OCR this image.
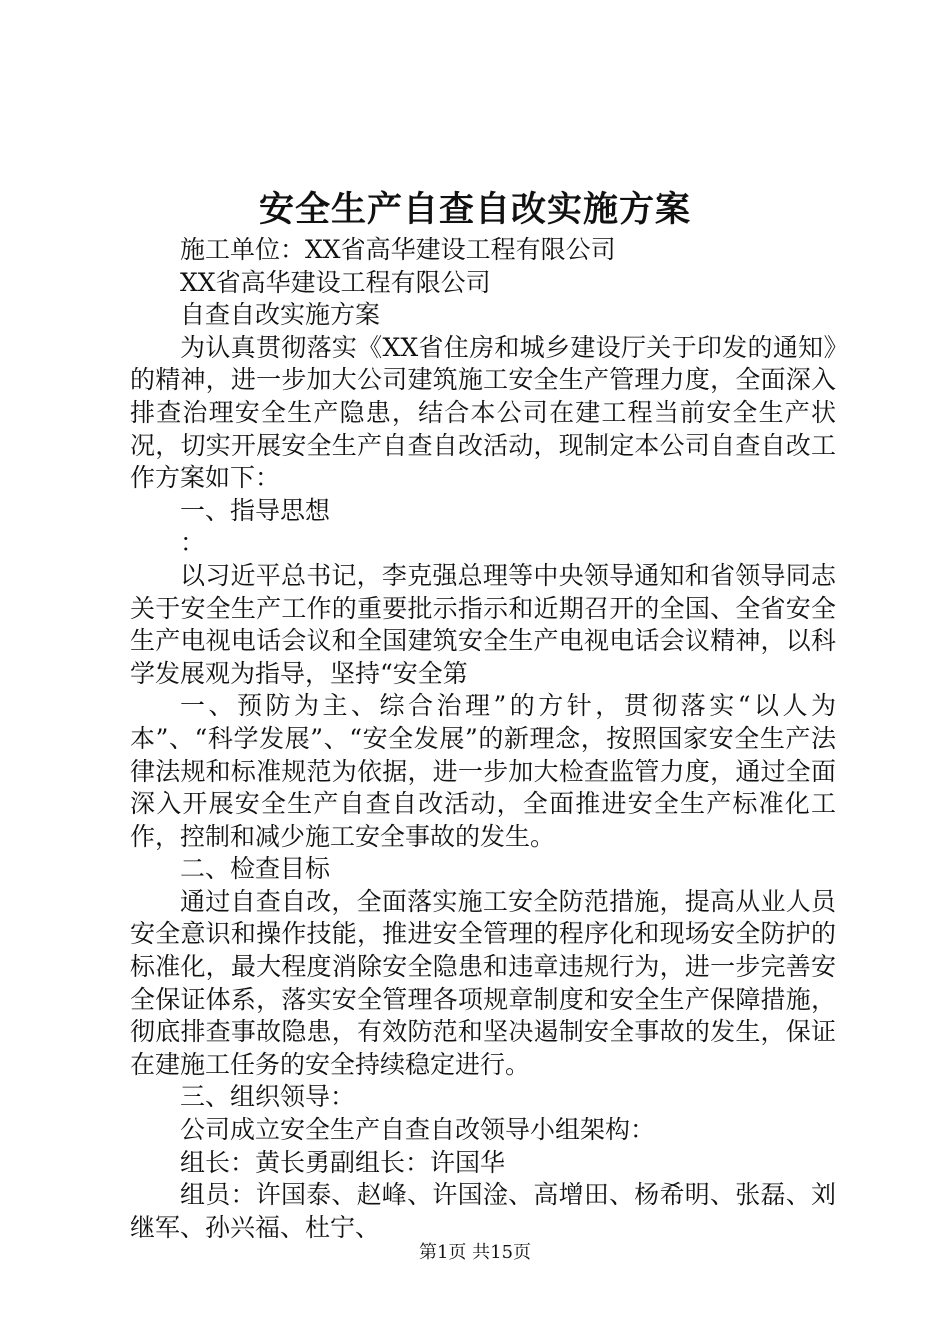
安全生产自查自改实施方案

施工单位：XX省高华建设工程有限公司

XX省高华建设工程有限公司

自查自改实施方案

为认真贯彻落实《XX省住房和城乡建设厅关于印发的通知》的精神，进一步加大公司建筑施工安全生产管理力度，全面深入排查治理安全生产隐患，结合本公司在建工程当前安全生产状况，切实开展安全生产自查自改活动，现制定本公司自查自改工作方案如下：

一、指导思想

：

以习近平总书记，李克强总理等中央领导通知和省领导同志关于安全生产工作的重要批示指示和近期召开的全国、全省安全生产电视电话会议和全国建筑安全生产电视电话会议精神，以科学发展观为指导，坚持“安全第

一、预防为主、综合治理”的方针，贯彻落实“以人为本”、“科学发展”、“安全发展”的新理念，按照国家安全生产法律法规和标准规范为依据，进一步加大检查监管力度，通过全面深入开展安全生产自查自改活动，全面推进安全生产标准化工作，控制和减少施工安全事故的发生。

二、检查目标

通过自查自改，全面落实施工安全防范措施，提高从业人员安全意识和操作技能，推进安全管理的程序化和现场安全防护的标准化，最大程度消除安全隐患和违章违规行为，进一步完善安全保证体系，落实安全管理各项规章制度和安全生产保障措施，彻底排查事故隐患，有效防范和坚决遏制安全事故的发生，保证在建施工任务的安全持续稳定进行。

三、组织领导：

公司成立安全生产自查自改领导小组架构：

组长：黄长勇副组长：许国华

组员：许国泰、赵峰、许国淦、高增田、杨希明、张磊、刘继军、孙兴福、杜宁、

第1页 共15页
